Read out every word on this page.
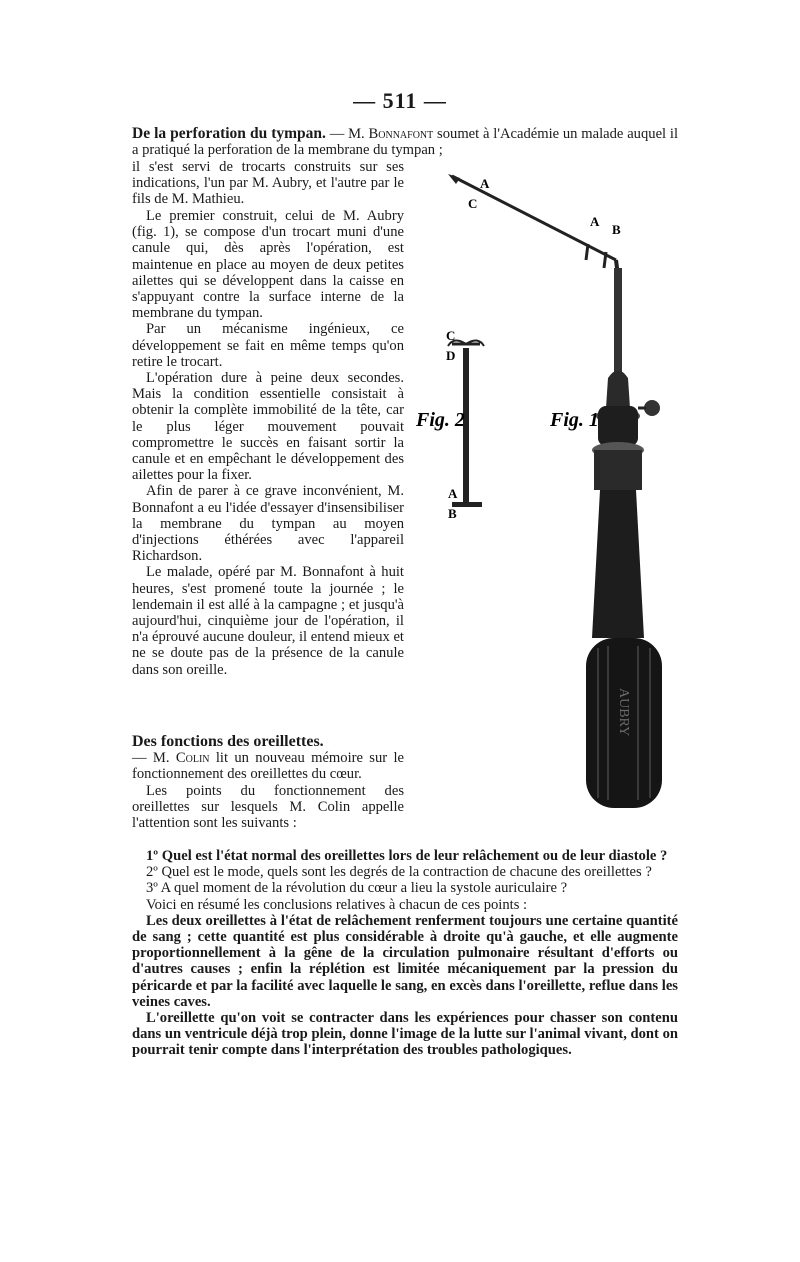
— 511 —
De la perforation du tympan. — M. Bonnafont soumet à l'Académie un malade auquel il a pratiqué la perforation de la membrane du tympan ;

il s'est servi de trocarts construits sur ses indications, l'un par M. Aubry, et l'autre par le fils de M. Mathieu.

Le premier construit, celui de M. Aubry (fig. 1), se compose d'un trocart muni d'une canule qui, dès après l'opération, est maintenue en place au moyen de deux petites ailettes qui se développent dans la caisse en s'appuyant contre la surface interne de la membrane du tympan.

Par un mécanisme ingénieux, ce développement se fait en même temps qu'on retire le trocart.

L'opération dure à peine deux secondes. Mais la condition essentielle consistait à obtenir la complète immobilité de la tête, car le plus léger mouvement pouvait compromettre le succès en faisant sortir la canule et en empêchant le développement des ailettes pour la fixer.

Afin de parer à ce grave inconvénient, M. Bonnafont a eu l'idée d'essayer d'insensibiliser la membrane du tympan au moyen d'injections éthérées avec l'appareil Richardson.

Le malade, opéré par M. Bonnafont à huit heures, s'est promené toute la journée ; le lendemain il est allé à la campagne ; et jusqu'à aujourd'hui, cinquième jour de l'opération, il n'a éprouvé aucune douleur, il entend mieux et ne se doute pas de la présence de la canule dans son oreille.

Des fonctions des oreillettes.

— M. Colin lit un nouveau mémoire sur le fonctionnement des oreillettes du cœur.

Les points du fonctionnement des oreillettes sur lesquels M. Colin appelle l'attention sont les suivants :

1º Quel est l'état normal des oreillettes lors de leur relâchement ou de leur diastole ?

2º Quel est le mode, quels sont les degrés de la contraction de chacune des oreillettes ?

3º A quel moment de la révolution du cœur a lieu la systole auriculaire ?

Voici en résumé les conclusions relatives à chacun de ces points :

Les deux oreillettes à l'état de relâchement renferment toujours une certaine quantité de sang ; cette quantité est plus considérable à droite qu'à gauche, et elle augmente proportionnellement à la gêne de la circulation pulmonaire résultant d'efforts ou d'autres causes ; enfin la réplétion est limitée mécaniquement par la pression du péricarde et par la facilité avec laquelle le sang, en excès dans l'oreillette, reflue dans les veines caves.

L'oreillette qu'on voit se contracter dans les expériences pour chasser son contenu dans un ventricule déjà trop plein, donne l'image de la lutte sur l'animal vivant, dont on pourrait tenir compte dans l'interprétation des troubles pathologiques.

AUBRY
Fig. 2	Fig. 1
A
C
A
B
C
D
A
B
